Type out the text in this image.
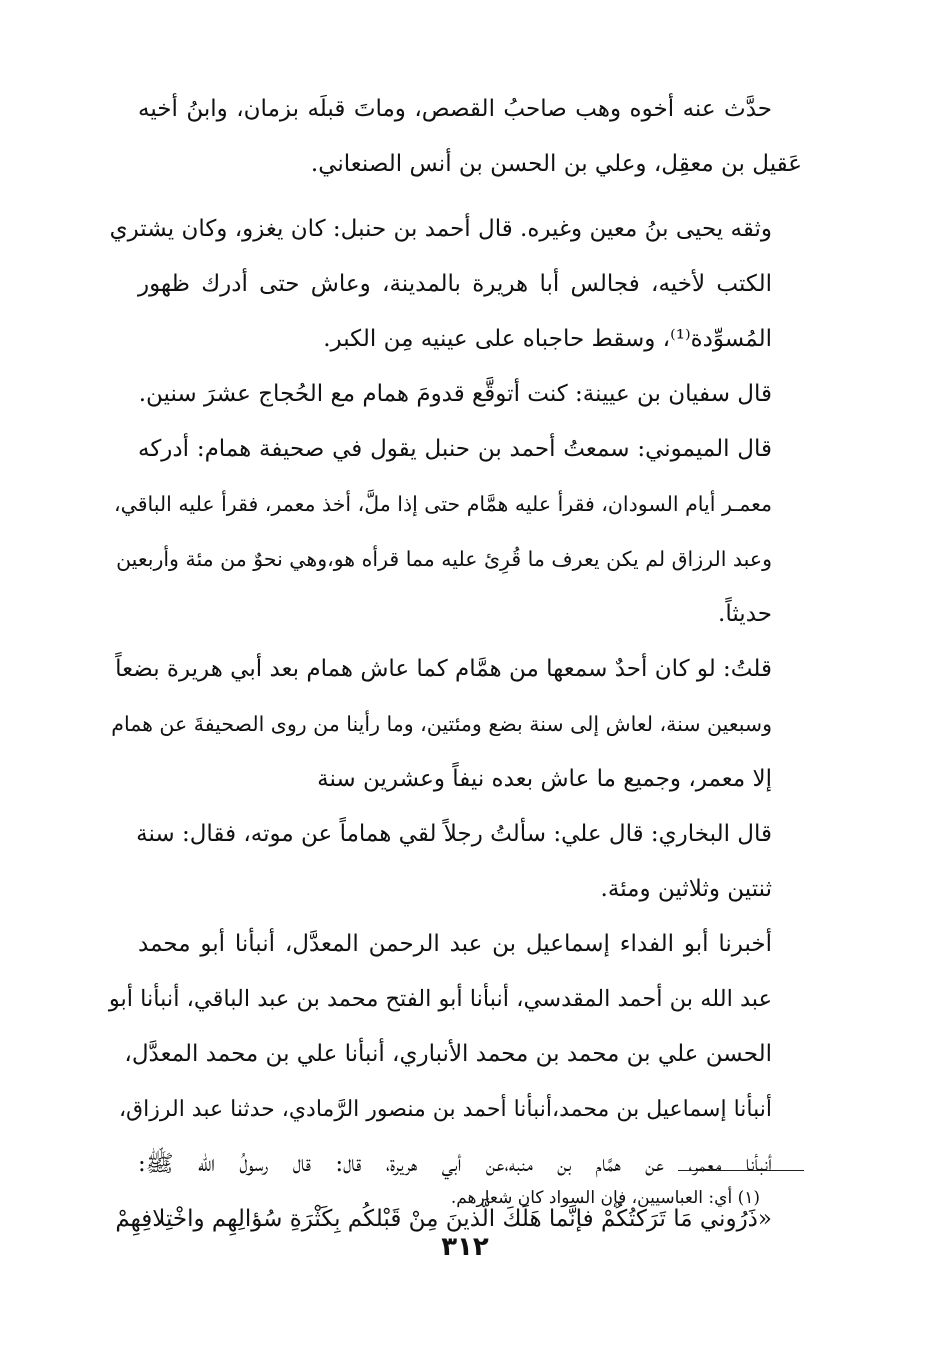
حدَّث عنه أخوه وهب صاحبُ القصص، وماتَ قبلَه بزمان، وابنُ أخيه
عَقيل بن معقِل، وعلي بن الحسن بن أنس الصنعاني.
وثقه يحيى بنُ معين وغيره. قال أحمد بن حنبل: كان يغزو، وكان يشتري
الكتب لأخيه، فجالس أبا هريرة بالمدينة، وعاش حتى أدرك ظهور
المُسوِّدة⁽¹⁾، وسقط حاجباه على عينيه مِن الكبر.
قال سفيان بن عيينة: كنت أتوقَّع قدومَ همام مع الحُجاج عشرَ سنين.
قال الميموني: سمعتُ أحمد بن حنبل يقول في صحيفة همام: أدركه
معمـر أيام السودان، فقرأ عليه همَّام حتى إذا ملَّ، أخذ معمر، فقرأ عليه الباقي،
وعبد الرزاق لم يكن يعرف ما قُرِئ عليه مما قرأه هو،وهي نحوٌ من مئة وأربعين
حديثاً.
قلتُ: لو كان أحدٌ سمعها من همَّام كما عاش همام بعد أبي هريرة بضعاً
وسبعين سنة، لعاش إلى سنة بضع ومئتين، وما رأينا من روى الصحيفةَ عن همام
إلا معمر، وجميع ما عاش بعده نيفاً وعشرين سنة
قال البخاري: قال علي: سألتُ رجلاً لقي هماماً عن موته، فقال: سنة
ثنتين وثلاثين ومئة.
أخبرنا أبو الفداء إسماعيل بن عبد الرحمن المعدَّل، أنبأنا أبو محمد
عبد الله بن أحمد المقدسي، أنبأنا أبو الفتح محمد بن عبد الباقي، أنبأنا أبو
الحسن علي بن محمد بن محمد الأنباري، أنبأنا علي بن محمد المعدَّل،
أنبأنا إسماعيل بن محمد،أنبأنا أحمد بن منصور الرَّمادي، حدثنا عبد الرزاق،
أنبأنا معمر، عن همَّام بن منبه،عن أبي هريرة، قال: قال رسولُ الله ﷺ:
«ذَرُوني مَا تَرَكتُكُمْ فإنَّما هَلَكَ الَّذينَ مِنْ قَبْلكُم بِكَثْرَةِ سُؤالِهِم واخْتِلافِهِمْ
(١) أي: العباسيين، فإن السواد كان شعارهم.
٣١٢
